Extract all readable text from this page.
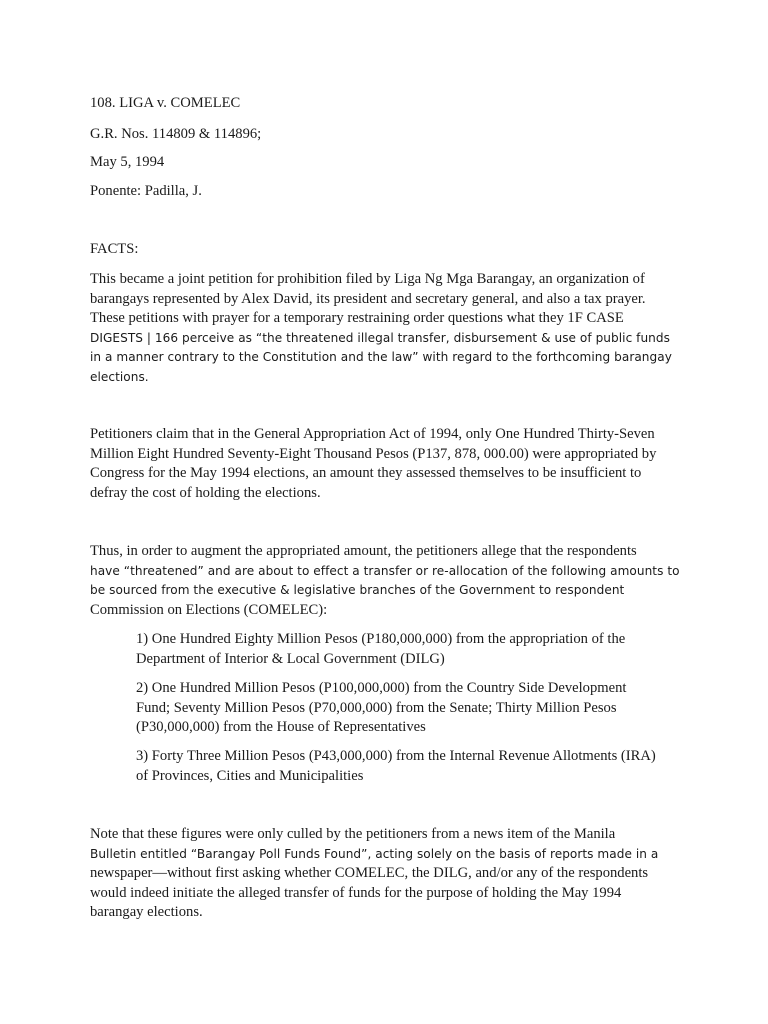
108. LIGA v. COMELEC
G.R. Nos. 114809 & 114896;
May 5, 1994
Ponente: Padilla, J.
FACTS:
This became a joint petition for prohibition filed by Liga Ng Mga Barangay, an organization of
barangays represented by Alex David, its president and secretary general, and also a tax prayer.
These petitions with prayer for a temporary restraining order questions what they 1F CASE
DIGESTS | 166 perceive as “the threatened illegal transfer, disbursement & use of public funds
in a manner contrary to the Constitution and the law” with regard to the forthcoming barangay
elections.
Petitioners claim that in the General Appropriation Act of 1994, only One Hundred Thirty-Seven
Million Eight Hundred Seventy-Eight Thousand Pesos (P137, 878, 000.00) were appropriated by
Congress for the May 1994 elections, an amount they assessed themselves to be insufficient to
defray the cost of holding the elections.
Thus, in order to augment the appropriated amount, the petitioners allege that the respondents
have “threatened” and are about to effect a transfer or re-allocation of the following amounts to
be sourced from the executive & legislative branches of the Government to respondent
Commission on Elections (COMELEC):
1) One Hundred Eighty Million Pesos (P180,000,000) from the appropriation of the
Department of Interior & Local Government (DILG)
2) One Hundred Million Pesos (P100,000,000) from the Country Side Development
Fund; Seventy Million Pesos (P70,000,000) from the Senate; Thirty Million Pesos
(P30,000,000) from the House of Representatives
3) Forty Three Million Pesos (P43,000,000) from the Internal Revenue Allotments (IRA)
of Provinces, Cities and Municipalities
Note that these figures were only culled by the petitioners from a news item of the Manila
Bulletin entitled “Barangay Poll Funds Found”, acting solely on the basis of reports made in a
newspaper—without first asking whether COMELEC, the DILG, and/or any of the respondents
would indeed initiate the alleged transfer of funds for the purpose of holding the May 1994
barangay elections.
